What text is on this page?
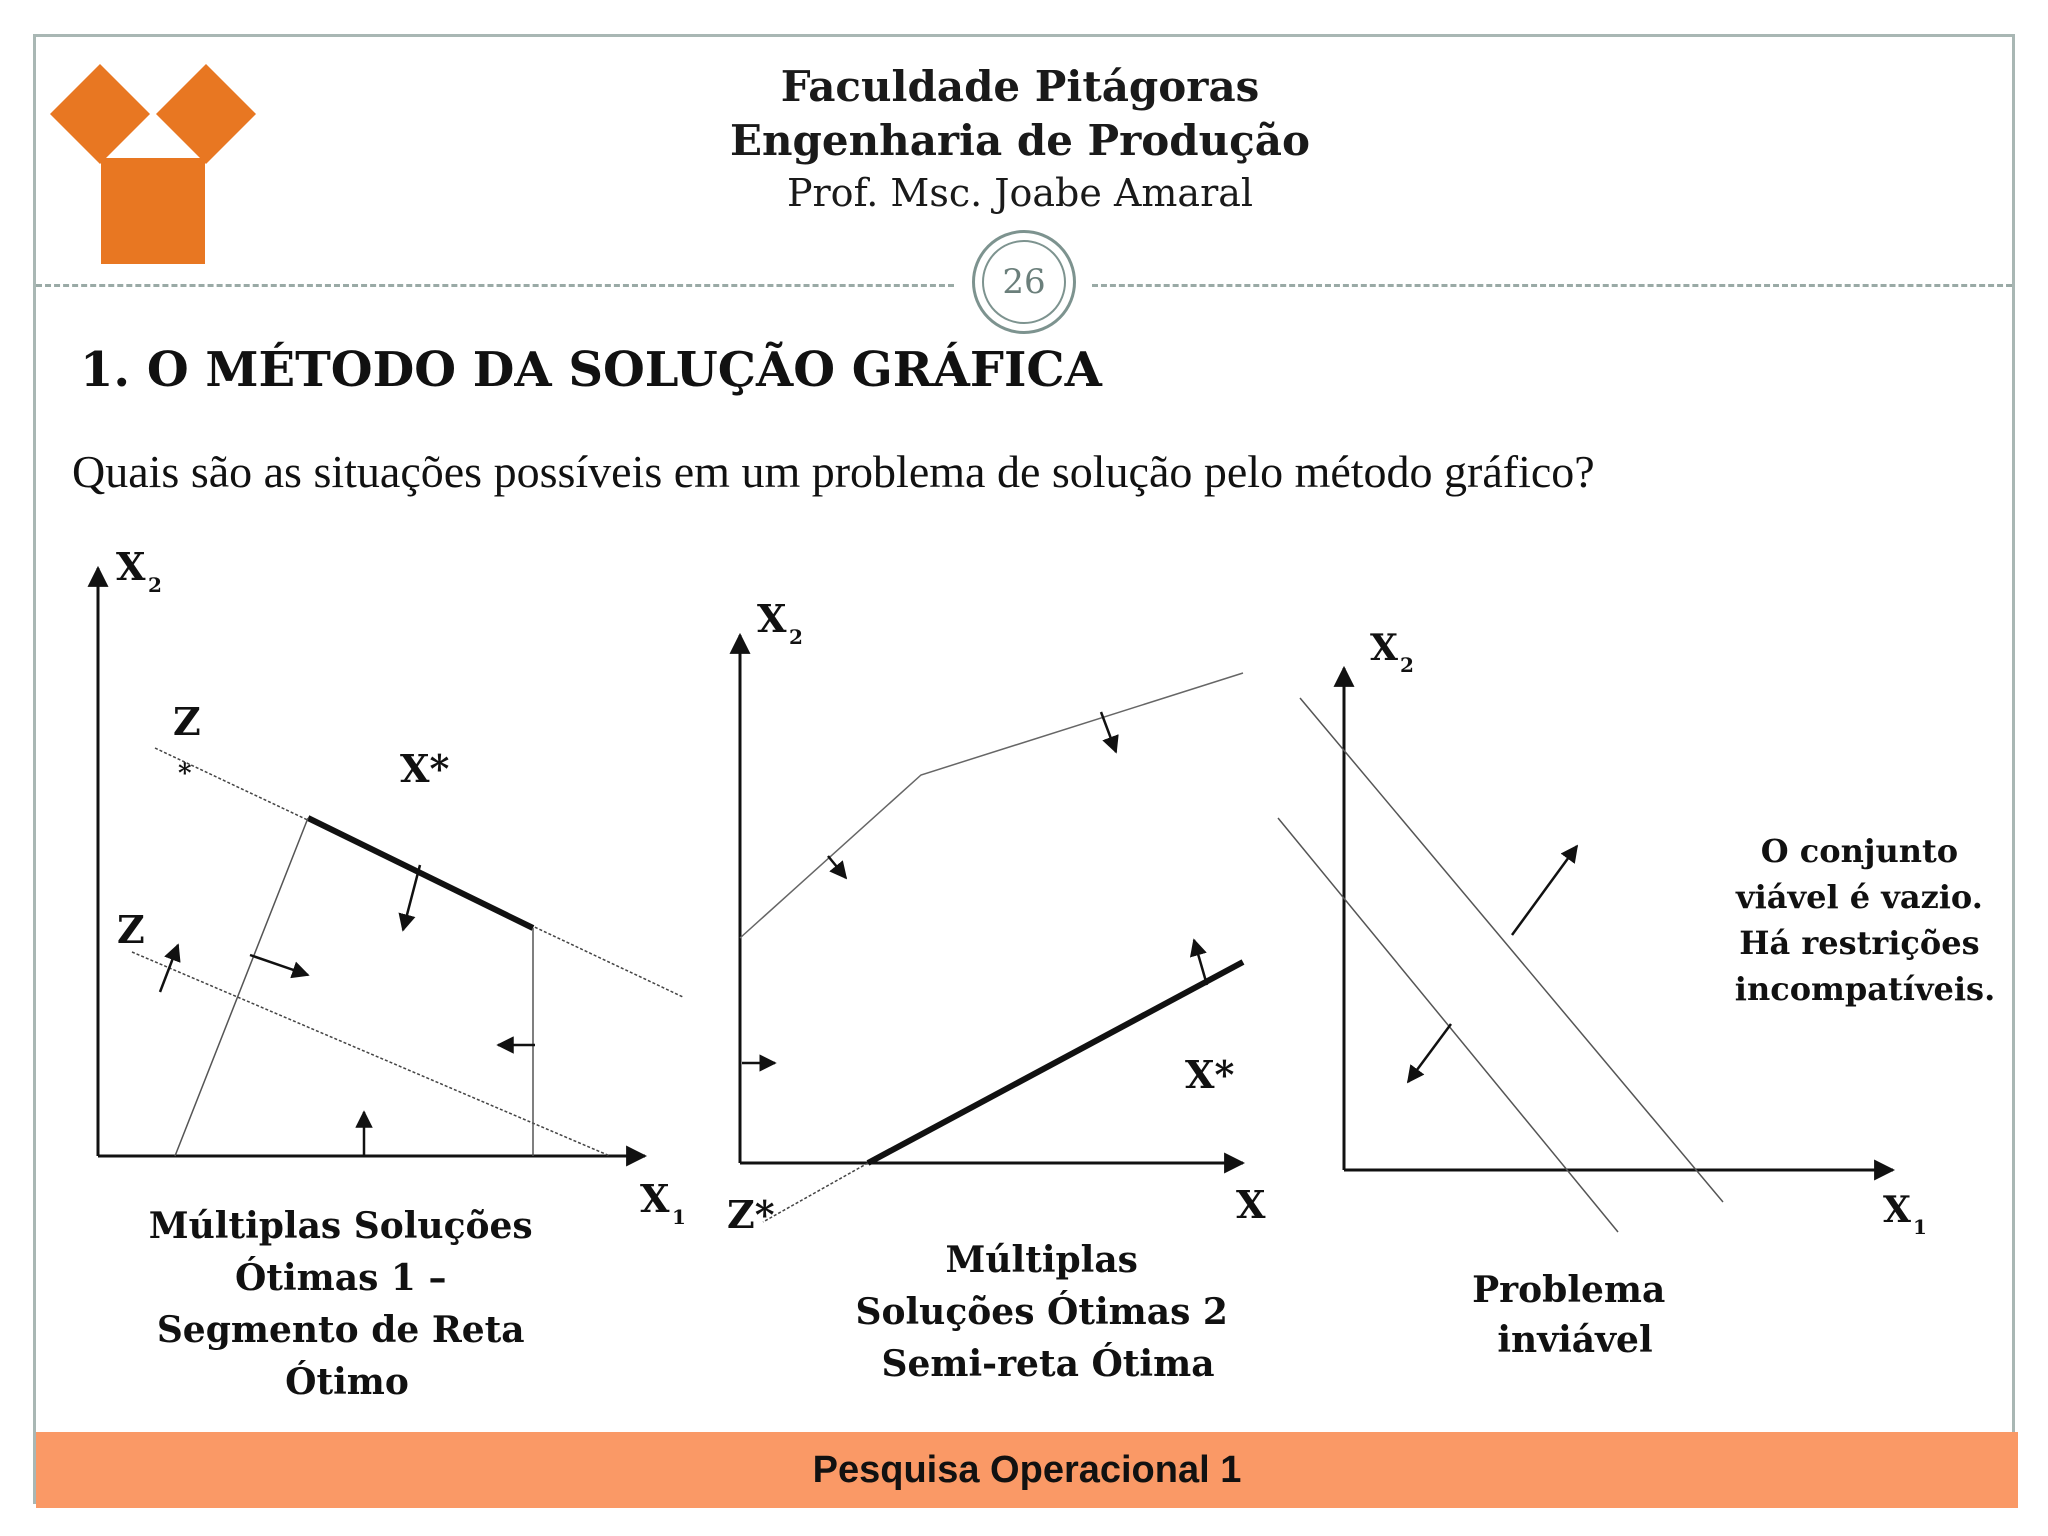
Faculdade Pitágoras
Engenharia de Produção
Prof. Msc. Joabe Amaral
26
1. O MÉTODO DA SOLUÇÃO GRÁFICA
Quais são as situações possíveis em um problema de solução pelo método gráfico?
X 2
X 1
Z
*
Z
X*
Múltiplas Soluções Ótimas 1 – Segmento de Reta Ótimo
X 2
X
Z*
X*
Múltiplas Soluções Ótimas 2 Semi-reta Ótima
X 2
X 1
O conjunto viável é vazio. Há restrições incompatíveis.
Problema inviável
Pesquisa Operacional 1
